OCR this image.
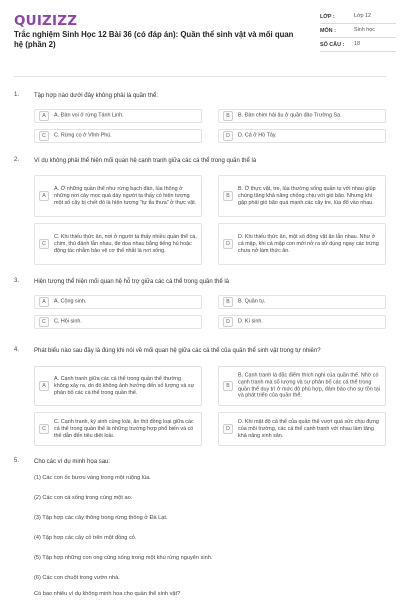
QUIZIZZ
Trắc nghiệm Sinh Học 12 Bài 36 (có đáp án): Quần thể sinh vật và mối quan hệ (phần 2)
LỚP :	Lớp 12
MÔN :	Sinh học
SỐ CÂU :	18
1. Tập hợp nào dưới đây không phải là quần thể:
A	A. Đàn voi ở rừng Tánh Linh.	B	B. Đàn chim hải âu ở quần đảo Trường Sa.
C	C. Rừng cọ ở Vĩnh Phú.	D	D. Cá ở Hồ Tây.
2. Ví dụ không phải thể hiện mối quan hệ cạnh tranh giữa các cá thể trong quần thể là
A
A. Ở những quần thể như rừng bạch đàn, lúa thông ở những nơi cây mọc quá dày người ta thấy có hiện tượng một số cây bị chết đó là hiện tượng "tự tỉa thưa" ở thực vật.
B
B. Ở thực vật, tre, lúa thường sống quần tụ với nhau giúp chúng tăng khả năng chống chịu với gió bão. Nhưng khi gặp phải gió bão quá mạnh các cây tre, lúa đổ vào nhau.
C
C. Khi thiếu thức ăn, nơi ở người ta thấy nhiều quần thể cá, chim, thú đánh lẫn nhau, đe dọa nhau bằng tiếng hú hoặc động tác nhằm bảo vệ cơ thể nhất là nơi sống.
D
D. Khi thiếu thức ăn, một số động vật ăn lẫn nhau. Như ở cá mập, khi cá mập con mới nở ra sử dụng ngay các trứng chưa nở làm thức ăn.
3. Hiện tượng thể hiện mối quan hệ hỗ trợ giữa các cá thể trong quần thể là
A	A. Cộng sinh.	B	B. Quần tụ.
C	C. Hội sinh.	D	D. Kí sinh.
4. Phát biểu nào sau đây là đúng khi nói về mối quan hệ giữa các cá thể của quần thể sinh vật trong tự nhiên?
A
A. Cạnh tranh giữa các cá thể trong quần thể thường không xảy ra, do đó không ảnh hưởng đến số lượng và sự phân bố các cá thể trong quần thể.
B
B. Cạnh tranh là đặc điểm thích nghi của quần thể. Nhờ có cạnh tranh mà số lượng và sự phân bố các cá thể trong quần thể duy trì ở mức độ phù hợp, đảm bảo cho sự tồn tại và phát triển của quần thể.
C
C. Cạnh tranh, ký sinh cùng loài, ăn thịt đồng loại giữa các cá thể trong quần thể là những trường hợp phổ biến và có thể dẫn đến tiêu diệt loài.
D
D. Khi mật độ cá thể của quần thể vượt quá sức chịu đựng của môi trường, các cá thể cạnh tranh với nhau làm tăng khả năng sinh sản.
5. Cho các ví dụ minh họa sau:
(1) Các con ốc bươu vàng trong một ruộng lúa.
(2) Các con cá sống trong cùng một ao.
(3) Tập hợp các cây thông trong rừng thông ở Đà Lạt.
(4) Tập hợp các cây cỏ trên một đồng cỏ.
(5) Tập hợp những con ong cùng sống trong một khu rừng nguyên sinh.
(6) Các con chuột trong vườn nhà.
Có bao nhiêu ví dụ không minh họa cho quần thể sinh vật?
